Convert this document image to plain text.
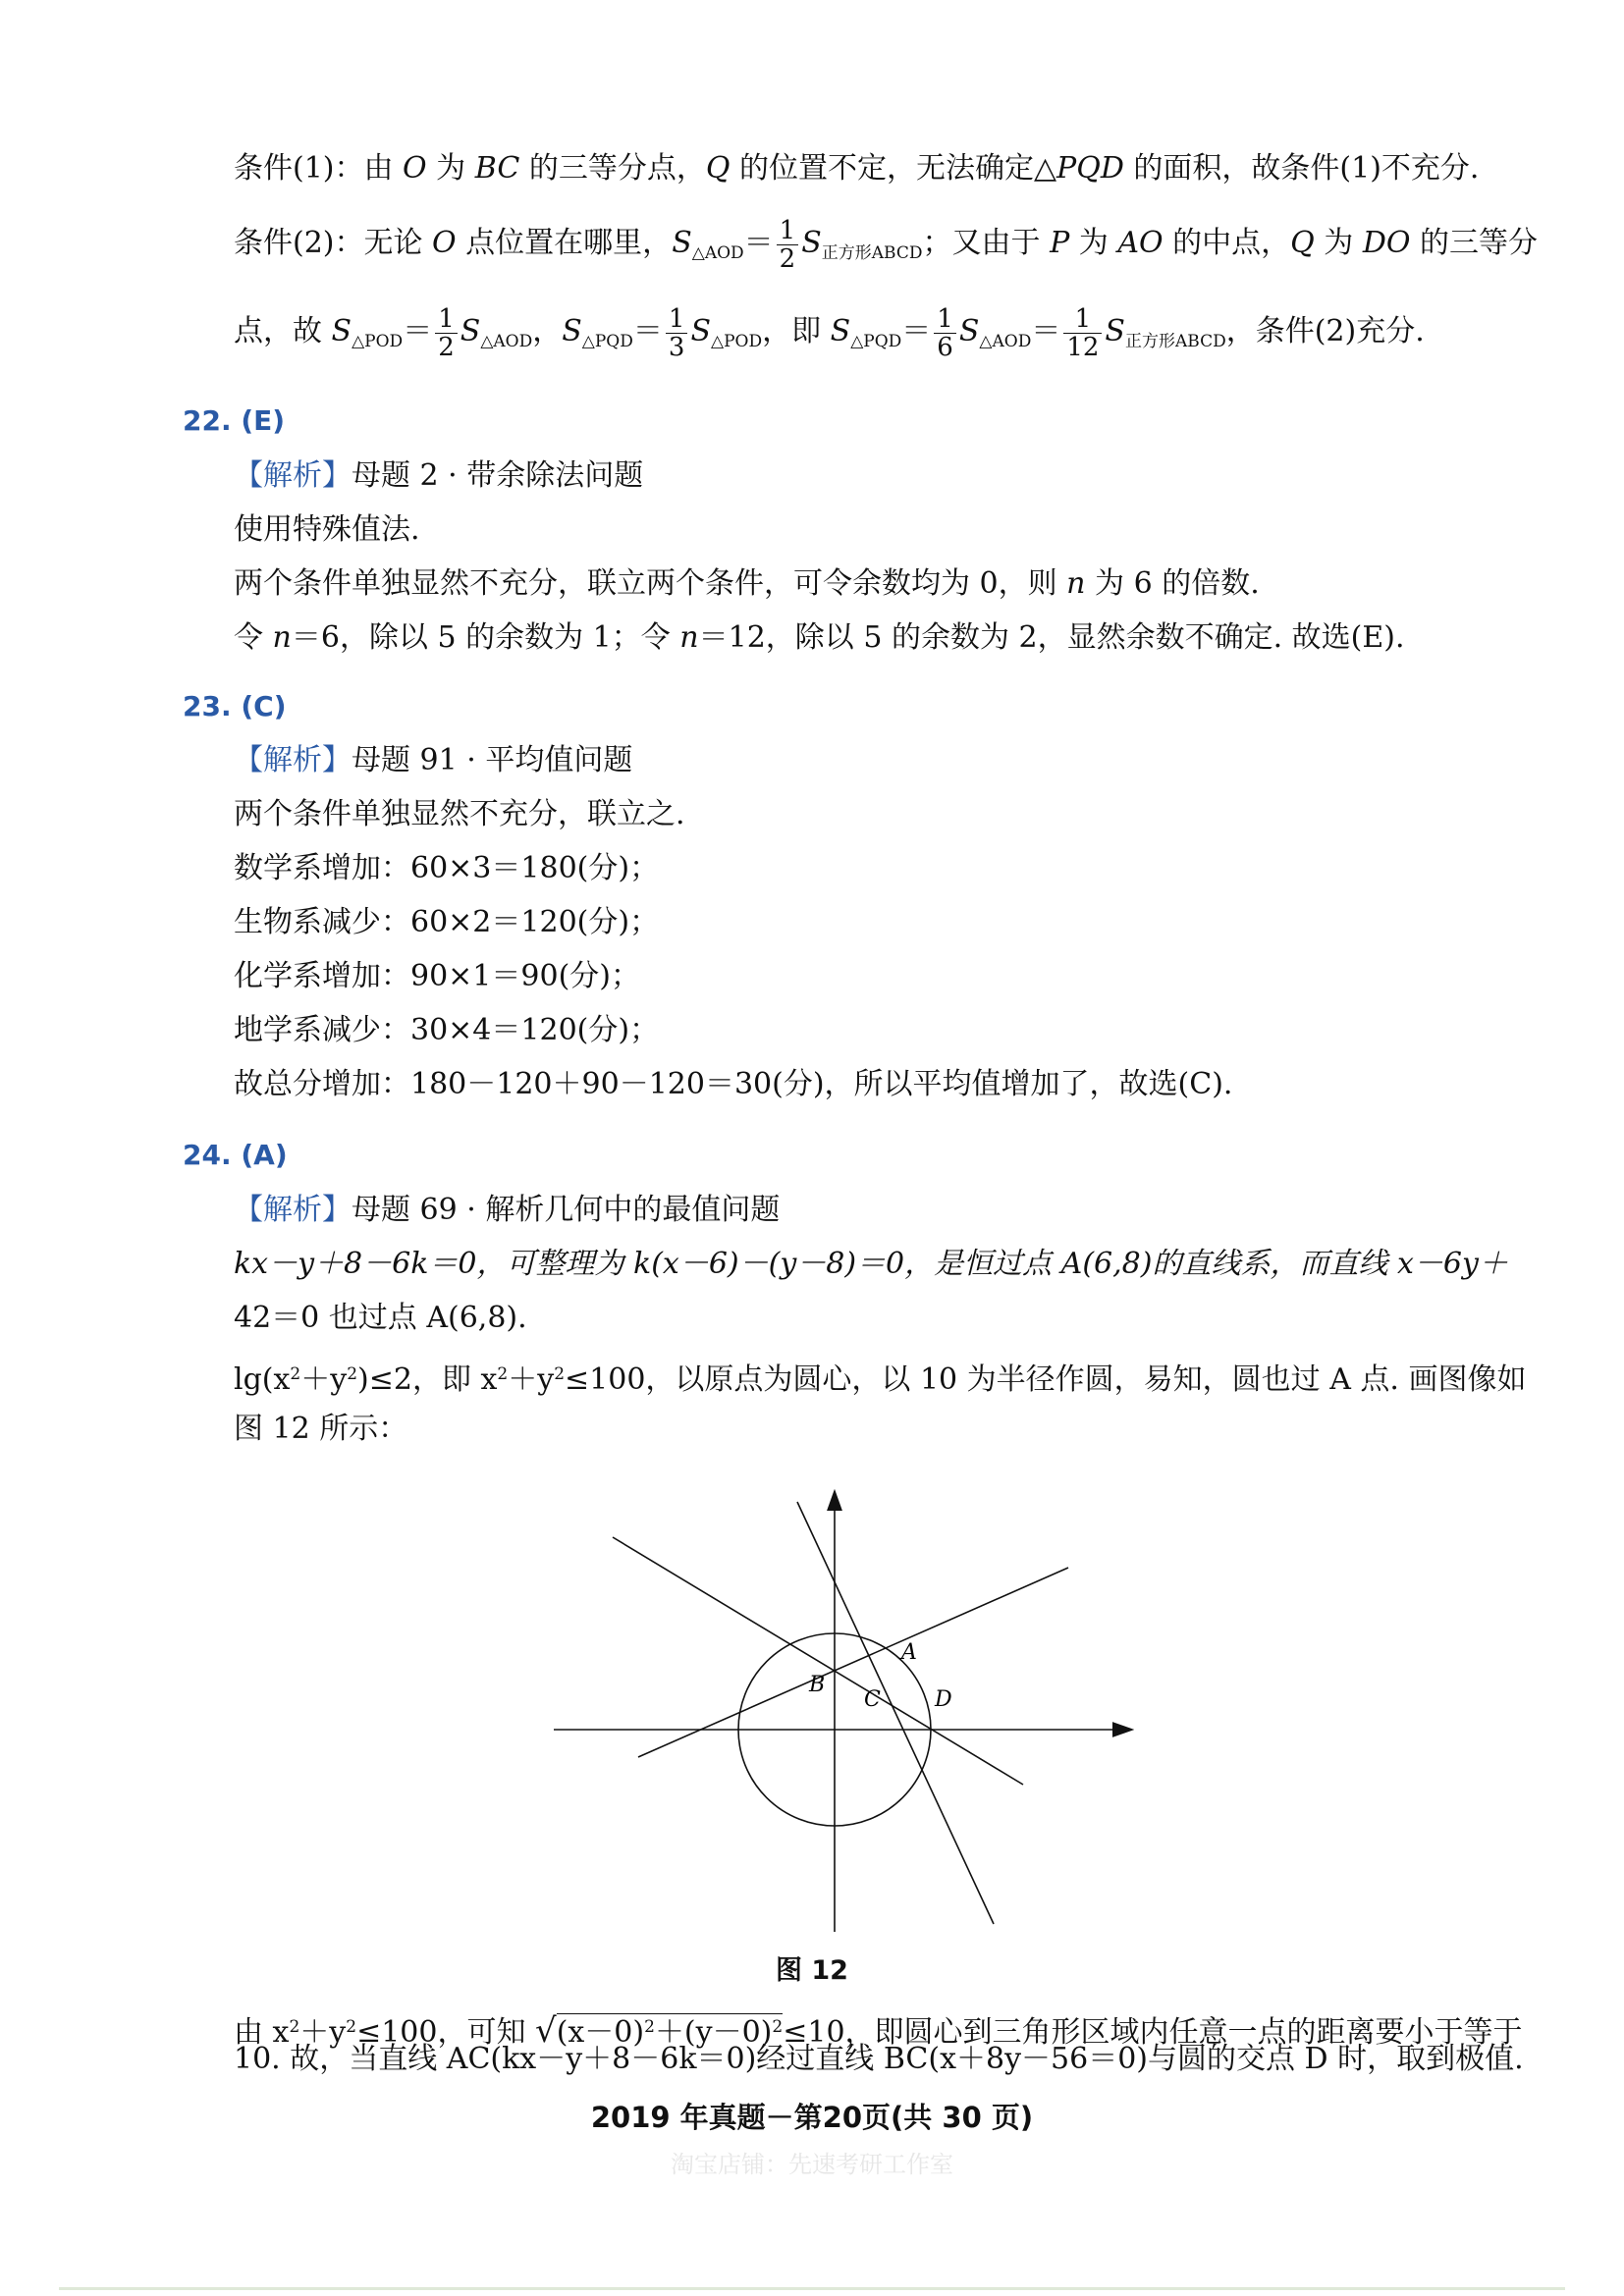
条件(1)：由 O 为 BC 的三等分点，Q 的位置不定，无法确定△PQD 的面积，故条件(1)不充分.
条件(2)：无论 O 点位置在哪里，$S_{\triangle AOD}= \frac{1}{2} S_{正方形ABCD}$；又由于 P 为 AO 的中点，Q 为 DO 的三等分
点，故 $S_{\triangle POD}= \frac{1}{2} S_{\triangle AOD}$，$S_{\triangle PQD}= \frac{1}{3} S_{\triangle POD}$，即 $S_{\triangle PQD}= \frac{1}{6} S_{\triangle AOD}= \frac{1}{12} S_{正方形ABCD}$，条件(2)充分.
22. (E)
【解析】母题 2 · 带余除法问题
使用特殊值法.
两个条件单独显然不充分，联立两个条件，可令余数均为 0，则 n 为 6 的倍数.
令 n＝6，除以 5 的余数为 1；令 n＝12，除以 5 的余数为 2，显然余数不确定. 故选(E).
23. (C)
【解析】母题 91 · 平均值问题
两个条件单独显然不充分，联立之.
数学系增加：60×3＝180(分)；
生物系减少：60×2＝120(分)；
化学系增加：90×1＝90(分)；
地学系减少：30×4＝120(分)；
故总分增加：180－120＋90－120＝30(分)，所以平均值增加了，故选(C).
24. (A)
【解析】母题 69 · 解析几何中的最值问题
kx－y＋8－6k＝0，可整理为 k(x－6)－(y－8)＝0，是恒过点 A(6,8)的直线系，而直线 x－6y＋
42＝0 也过点 A(6,8).
$\lg(x^2+y^2)\le 2$，即 $x^2+y^2\le 100$，以原点为圆心，以 10 为半径作圆，易知，圆也过 A 点. 画图像如
图 12 所示：
A
B
C	D
图 12
由 $x^2+y^2\le 100$，可知 $√(x-0)^2+(y-0)^2\le 10$，即圆心到三角形区域内任意一点的距离要小于等于
10. 故，当直线 AC(kx－y＋8－6k＝0)经过直线 BC(x＋8y－56＝0)与圆的交点 D 时，取到极值.
2019 年真题－第20页(共 30 页)
淘宝店铺：先速考研工作室
